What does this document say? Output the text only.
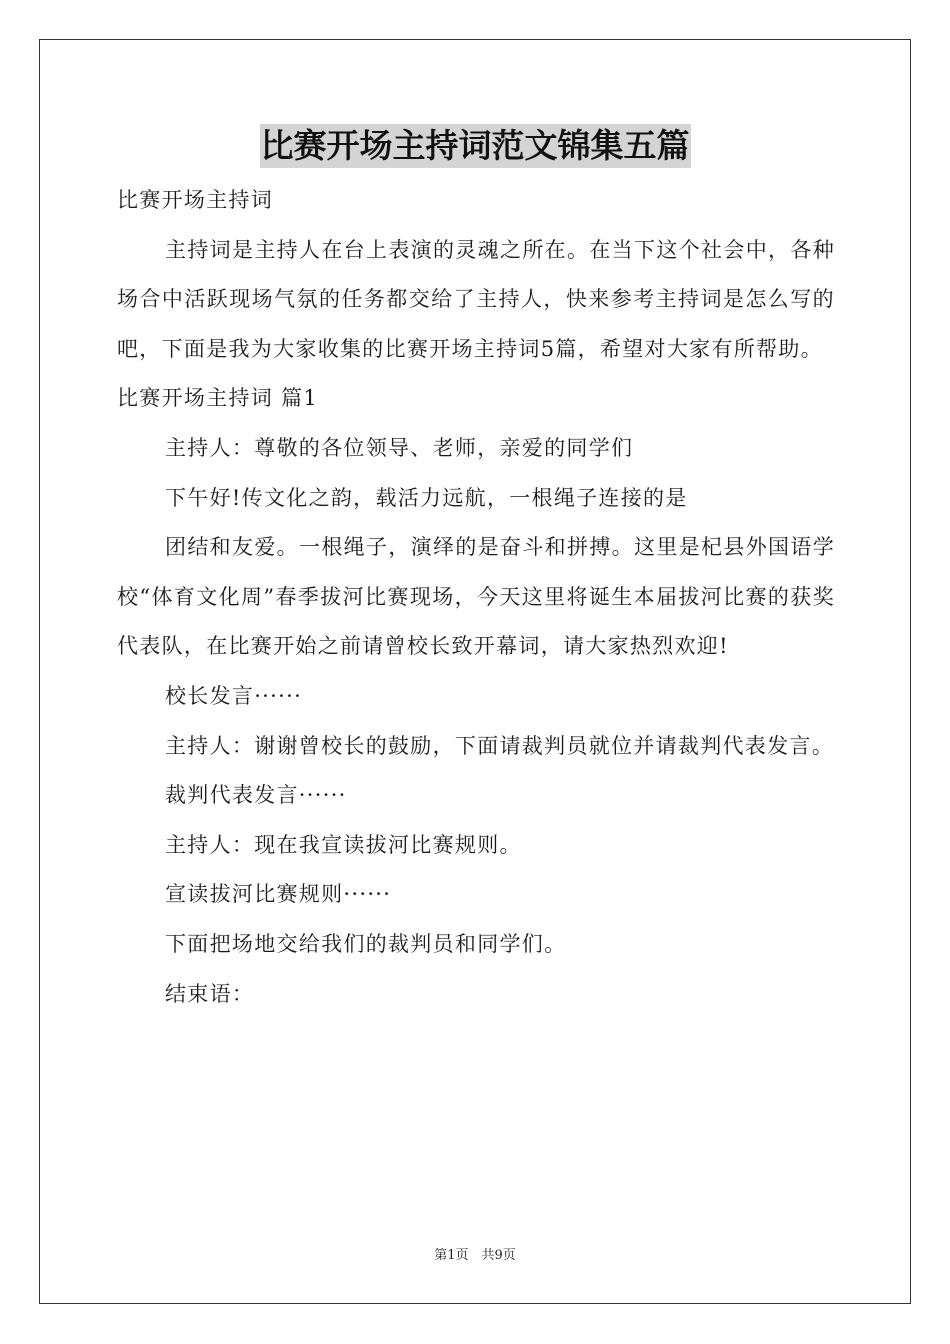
比赛开场主持词范文锦集五篇

比赛开场主持词

主持词是主持人在台上表演的灵魂之所在。在当下这个社会中，各种场合中活跃现场气氛的任务都交给了主持人，快来参考主持词是怎么写的吧，下面是我为大家收集的比赛开场主持词5篇，希望对大家有所帮助。

比赛开场主持词 篇1

主持人：尊敬的各位领导、老师，亲爱的同学们

下午好!传文化之韵，载活力远航，一根绳子连接的是

团结和友爱。一根绳子，演绎的是奋斗和拼搏。这里是杞县外国语学校“体育文化周”春季拔河比赛现场，今天这里将诞生本届拔河比赛的获奖代表队，在比赛开始之前请曾校长致开幕词，请大家热烈欢迎!

校长发言······

主持人：谢谢曾校长的鼓励，下面请裁判员就位并请裁判代表发言。

裁判代表发言······

主持人：现在我宣读拔河比赛规则。

宣读拔河比赛规则······

下面把场地交给我们的裁判员和同学们。

结束语：

第1页　共9页
